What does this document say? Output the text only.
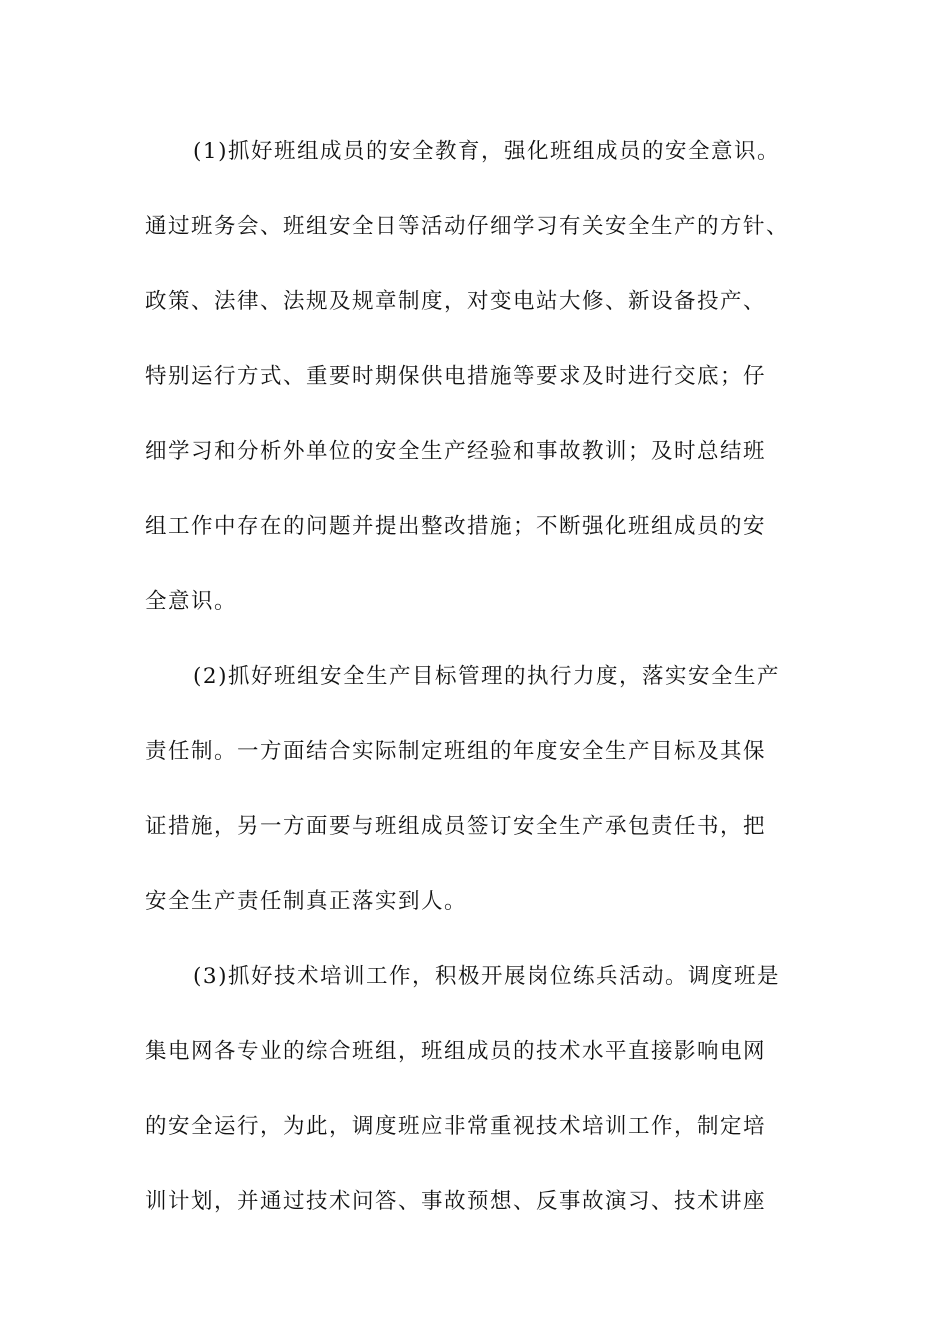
(1)抓好班组成员的安全教育，强化班组成员的安全意识。
通过班务会、班组安全日等活动仔细学习有关安全生产的方针、
政策、法律、法规及规章制度，对变电站大修、新设备投产、
特别运行方式、重要时期保供电措施等要求及时进行交底；仔
细学习和分析外单位的安全生产经验和事故教训；及时总结班
组工作中存在的问题并提出整改措施；不断强化班组成员的安
全意识。
(2)抓好班组安全生产目标管理的执行力度，落实安全生产
责任制。一方面结合实际制定班组的年度安全生产目标及其保
证措施，另一方面要与班组成员签订安全生产承包责任书，把
安全生产责任制真正落实到人。
(3)抓好技术培训工作，积极开展岗位练兵活动。调度班是
集电网各专业的综合班组，班组成员的技术水平直接影响电网
的安全运行，为此，调度班应非常重视技术培训工作，制定培
训计划，并通过技术问答、事故预想、反事故演习、技术讲座
